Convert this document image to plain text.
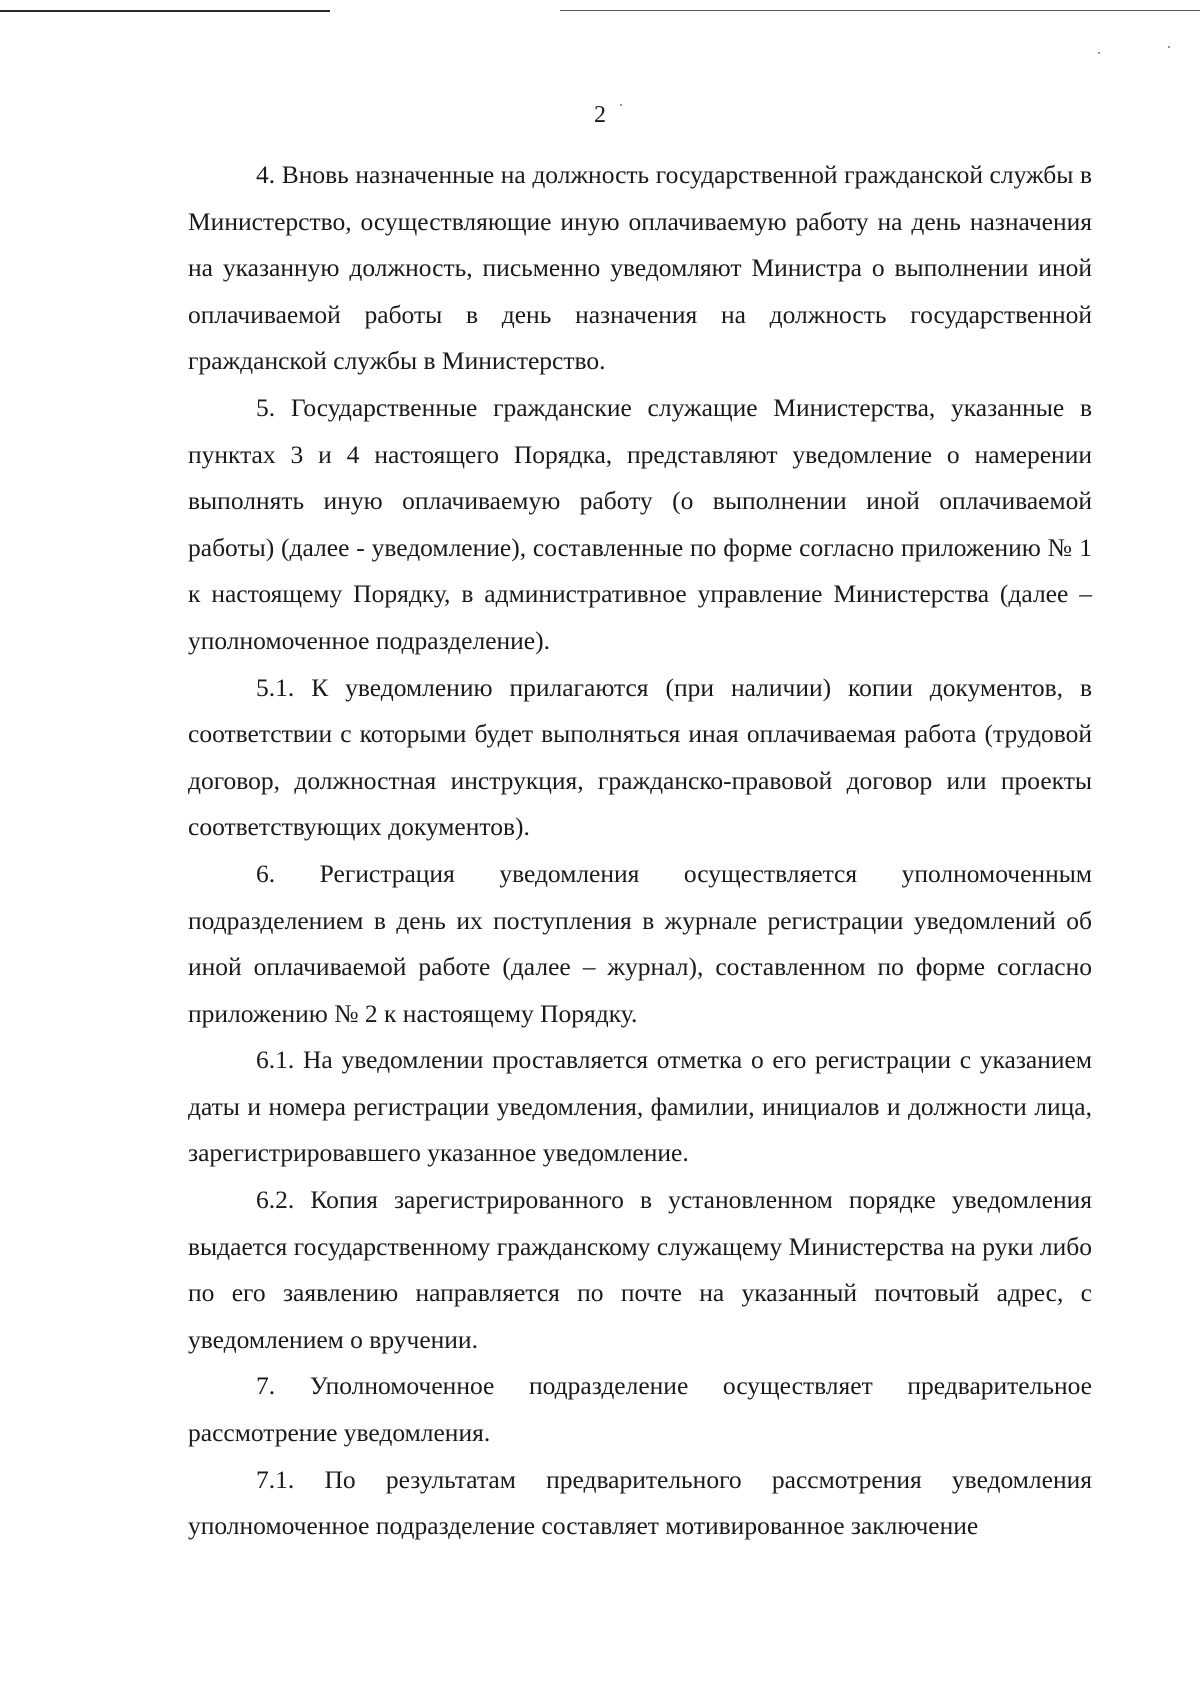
2

4. Вновь назначенные на должность государственной гражданской службы в Министерство, осуществляющие иную оплачиваемую работу на день назначения на указанную должность, письменно уведомляют Министра о выполнении иной оплачиваемой работы в день назначения на должность государственной гражданской службы в Министерство.

5. Государственные гражданские служащие Министерства, указанные в пунктах 3 и 4 настоящего Порядка, представляют уведомление о намерении выполнять иную оплачиваемую работу (о выполнении иной оплачиваемой работы) (далее - уведомление), составленные по форме согласно приложению № 1 к настоящему Порядку, в административное управление Министерства (далее – уполномоченное подразделение).

5.1. К уведомлению прилагаются (при наличии) копии документов, в соответствии с которыми будет выполняться иная оплачиваемая работа (трудовой договор, должностная инструкция, гражданско-правовой договор или проекты соответствующих документов).

6. Регистрация уведомления осуществляется уполномоченным подразделением в день их поступления в журнале регистрации уведомлений об иной оплачиваемой работе (далее – журнал), составленном по форме согласно приложению № 2 к настоящему Порядку.

6.1. На уведомлении проставляется отметка о его регистрации с указанием даты и номера регистрации уведомления, фамилии, инициалов и должности лица, зарегистрировавшего указанное уведомление.

6.2. Копия зарегистрированного в установленном порядке уведомления выдается государственному гражданскому служащему Министерства на руки либо по его заявлению направляется по почте на указанный почтовый адрес, с уведомлением о вручении.

7. Уполномоченное подразделение осуществляет предварительное рассмотрение уведомления.

7.1. По результатам предварительного рассмотрения уведомления уполномоченное подразделение составляет мотивированное заключение
